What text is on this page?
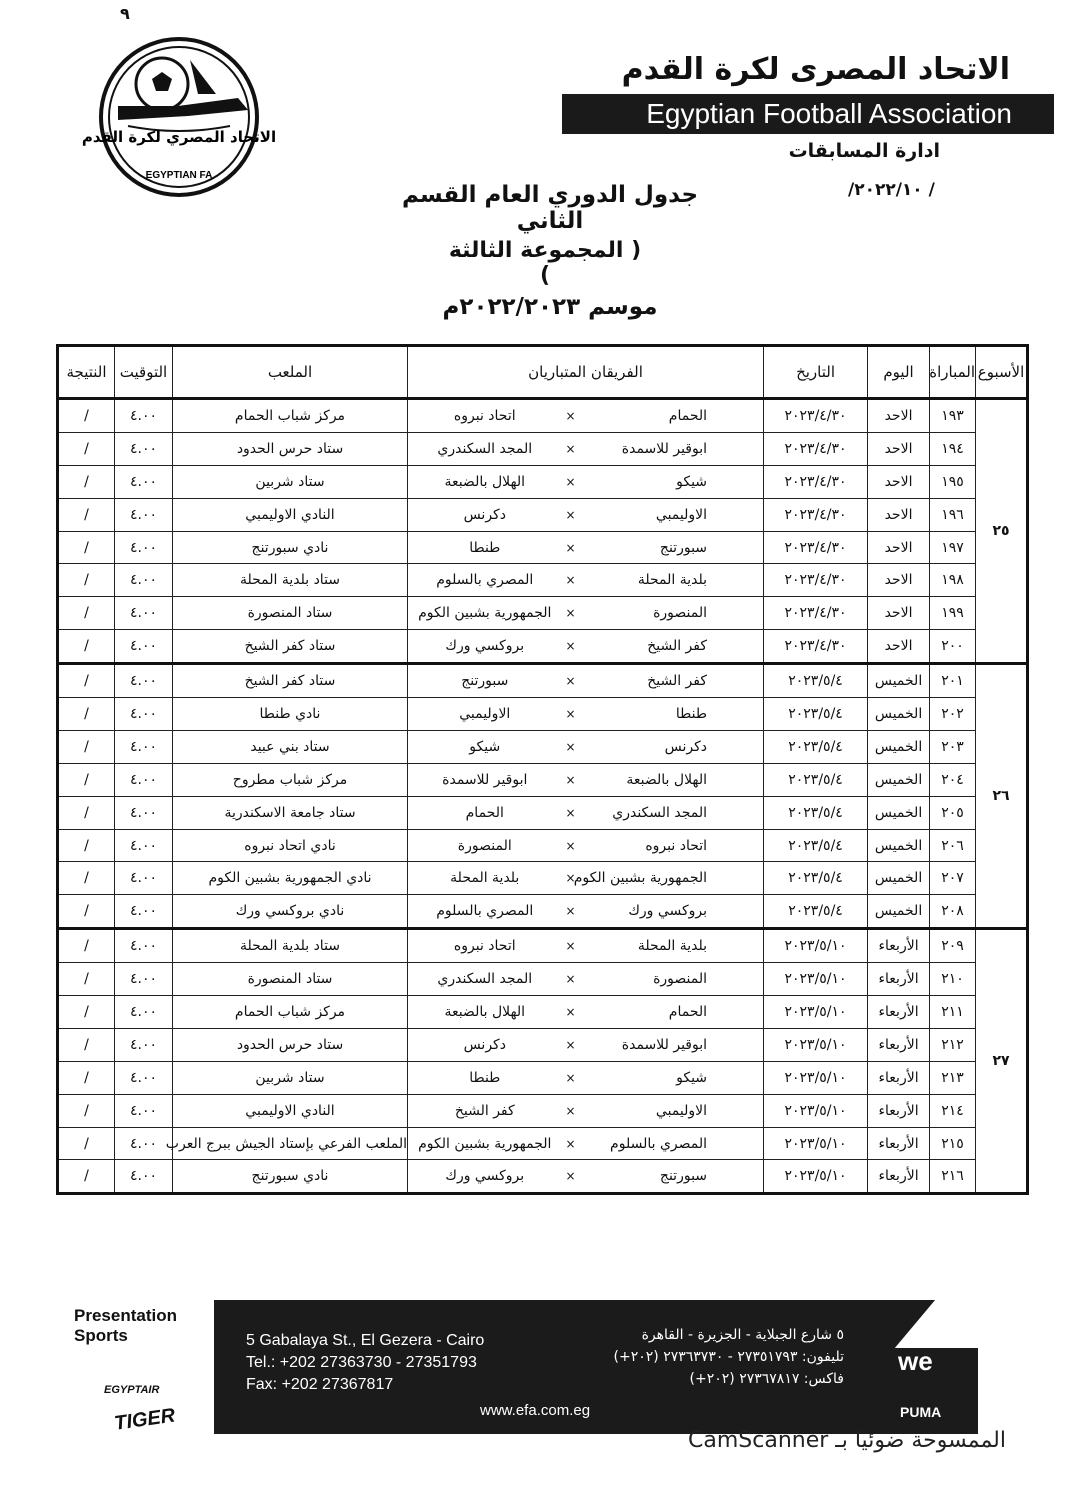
٩
الاتحاد المصري لكرة القدم
EGYPTIAN FA
الاتحاد المصرى لكرة القدم
Egyptian Football Association
ادارة المسابقات
/ ٢٠٢٢/١٠/
جدول الدوري العام القسم الثاني
( المجموعة الثالثة )
موسم ٢٠٢٢/٢٠٢٣م
الأسبوع	المباراة	اليوم	التاريخ	الفريقان المتباريان			الملعب	التوقيت	النتيجة
٢٥	١٩٣	الاحد	٢٠٢٣/٤/٣٠	الحمام	×	اتحاد نبروه	مركز شباب الحمام	٤.٠٠	/
	١٩٤	الاحد	٢٠٢٣/٤/٣٠	ابوقير للاسمدة	×	المجد السكندري	ستاد حرس الحدود	٤.٠٠	/
	١٩٥	الاحد	٢٠٢٣/٤/٣٠	شيكو	×	الهلال بالضبعة	ستاد شربين	٤.٠٠	/
	١٩٦	الاحد	٢٠٢٣/٤/٣٠	الاوليمبي	×	دكرنس	النادي الاوليمبي	٤.٠٠	/
	١٩٧	الاحد	٢٠٢٣/٤/٣٠	سبورتنج	×	طنطا	نادي سبورتنج	٤.٠٠	/
	١٩٨	الاحد	٢٠٢٣/٤/٣٠	بلدية المحلة	×	المصري بالسلوم	ستاد بلدية المحلة	٤.٠٠	/
	١٩٩	الاحد	٢٠٢٣/٤/٣٠	المنصورة	×	الجمهورية بشبين الكوم	ستاد المنصورة	٤.٠٠	/
	٢٠٠	الاحد	٢٠٢٣/٤/٣٠	كفر الشيخ	×	بروكسي ورك	ستاد كفر الشيخ	٤.٠٠	/
٢٦	٢٠١	الخميس	٢٠٢٣/٥/٤	كفر الشيخ	×	سبورتنج	ستاد كفر الشيخ	٤.٠٠	/
	٢٠٢	الخميس	٢٠٢٣/٥/٤	طنطا	×	الاوليمبي	نادي طنطا	٤.٠٠	/
	٢٠٣	الخميس	٢٠٢٣/٥/٤	دكرنس	×	شيكو	ستاد بني عبيد	٤.٠٠	/
	٢٠٤	الخميس	٢٠٢٣/٥/٤	الهلال بالضبعة	×	ابوقير للاسمدة	مركز شباب مطروح	٤.٠٠	/
	٢٠٥	الخميس	٢٠٢٣/٥/٤	المجد السكندري	×	الحمام	ستاد جامعة الاسكندرية	٤.٠٠	/
	٢٠٦	الخميس	٢٠٢٣/٥/٤	اتحاد نبروه	×	المنصورة	نادي اتحاد نبروه	٤.٠٠	/
	٢٠٧	الخميس	٢٠٢٣/٥/٤	الجمهورية بشبين الكوم	×	بلدية المحلة	نادي الجمهورية بشبين الكوم	٤.٠٠	/
	٢٠٨	الخميس	٢٠٢٣/٥/٤	بروكسي ورك	×	المصري بالسلوم	نادي بروكسي ورك	٤.٠٠	/
٢٧	٢٠٩	الأربعاء	٢٠٢٣/٥/١٠	بلدية المحلة	×	اتحاد نبروه	ستاد بلدية المحلة	٤.٠٠	/
	٢١٠	الأربعاء	٢٠٢٣/٥/١٠	المنصورة	×	المجد السكندري	ستاد المنصورة	٤.٠٠	/
	٢١١	الأربعاء	٢٠٢٣/٥/١٠	الحمام	×	الهلال بالضبعة	مركز شباب الحمام	٤.٠٠	/
	٢١٢	الأربعاء	٢٠٢٣/٥/١٠	ابوقير للاسمدة	×	دكرنس	ستاد حرس الحدود	٤.٠٠	/
	٢١٣	الأربعاء	٢٠٢٣/٥/١٠	شيكو	×	طنطا	ستاد شربين	٤.٠٠	/
	٢١٤	الأربعاء	٢٠٢٣/٥/١٠	الاوليمبي	×	كفر الشيخ	النادي الاوليمبي	٤.٠٠	/
	٢١٥	الأربعاء	٢٠٢٣/٥/١٠	المصري بالسلوم	×	الجمهورية بشبين الكوم	الملعب الفرعي بإستاد الجيش ببرج العرب	٤.٠٠	/
	٢١٦	الأربعاء	٢٠٢٣/٥/١٠	سبورتنج	×	بروكسي ورك	نادي سبورتنج	٤.٠٠	/
Presentation Sports
EGYPTAIR
TIGER
5 Gabalaya St., El Gezera - Cairo
Tel.: +202 27363730 - 27351793
Fax: +202 27367817
٥ شارع الجبلاية - الجزيرة - القاهرة
تليفون: ٢٧٣٥١٧٩٣ - ٢٧٣٦٣٧٣٠ (٢٠٢+)
فاكس: ٢٧٣٦٧٨١٧ (٢٠٢+)
www.efa.com.eg
we
PUMA
الممسوحة ضوئيا بـ CamScanner
